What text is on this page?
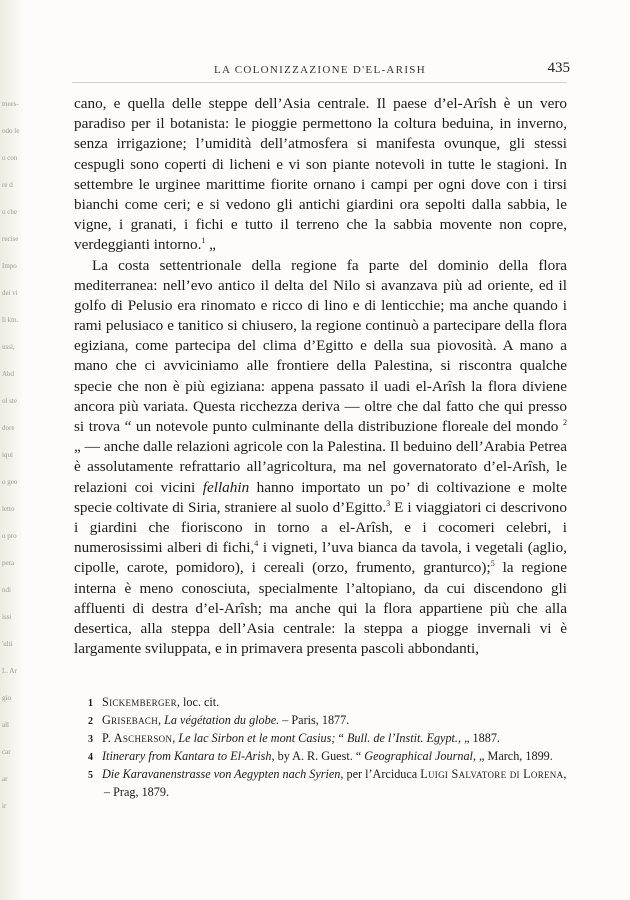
mees-
odo le
o con
re d
o che
recise
Impo
dei vi
li km.
ussì,
Abd
ol ste
dore
iqui
o geo
letto
o pro
pera
ndi
issi
'ulti
L. Ar
gio
all
car
ar
ir
LA COLONIZZAZIONE D'EL-ARISH	435

cano, e quella delle steppe dell’Asia centrale. Il paese d’el-Arîsh è un vero paradiso per il botanista: le pioggie permettono la coltura beduina, in inverno, senza irrigazione; l’umidità dell’atmosfera si manifesta ovunque, gli stessi cespugli sono coperti di licheni e vi son piante notevoli in tutte le stagioni. In settembre le urginee marittime fiorite ornano i campi per ogni dove con i tirsi bianchi come ceri; e si vedono gli antichi giardini ora sepolti dalla sabbia, le vigne, i granati, i fichi e tutto il terreno che la sabbia movente non copre, verdeggianti intorno.$^1$ „

La costa settentrionale della regione fa parte del dominio della flora mediterranea: nell’evo antico il delta del Nilo si avanzava più ad oriente, ed il golfo di Pelusio era rinomato e ricco di lino e di lenticchie; ma anche quando i rami pelusiaco e tanitico si chiusero, la regione continuò a partecipare della flora egiziana, come partecipa del clima d’Egitto e della sua piovosità. A mano a mano che ci avviciniamo alle frontiere della Palestina, si riscontra qualche specie che non è più egiziana: appena passato il uadi el-Arîsh la flora diviene ancora più variata. Questa ricchezza deriva — oltre che dal fatto che qui presso si trova “ un notevole punto culminante della distribuzione floreale del mondo $^2$ „ — anche dalle relazioni agricole con la Palestina. Il beduino dell’Arabia Petrea è assolutamente refrattario all’agricoltura, ma nel governatorato d’el-Arîsh, le relazioni coi vicini fellahin hanno importato un po’ di coltivazione e molte specie coltivate di Siria, straniere al suolo d’Egitto.$^3$ E i viaggiatori ci descrivono i giardini che fioriscono in torno a el-Arîsh, e i cocomeri celebri, i numerosissimi alberi di fichi,$^4$ i vigneti, l’uva bianca da tavola, i vegetali (aglio, cipolle, carote, pomidoro), i cereali (orzo, frumento, granturco);$^5$ la regione interna è meno conosciuta, specialmente l’altopiano, da cui discendono gli affluenti di destra d’el-Arîsh; ma anche qui la flora appartiene più che alla desertica, alla steppa dell’Asia centrale: la steppa a piogge invernali vi è largamente sviluppata, e in primavera presenta pascoli abbondanti,

1 Sickemberger, loc. cit.
2 Grisebach, La végétation du globe. – Paris, 1877.
3 P. Ascherson, Le lac Sirbon et le mont Casius; “ Bull. de l’Instit. Egypt., „ 1887.
4 Itinerary from Kantara to El-Arish, by A. R. Guest. “ Geographical Journal, „ March, 1899.
5 Die Karavanenstrasse von Aegypten nach Syrien, per l’Arciduca Luigi Salvatore di Lorena, – Prag, 1879.
